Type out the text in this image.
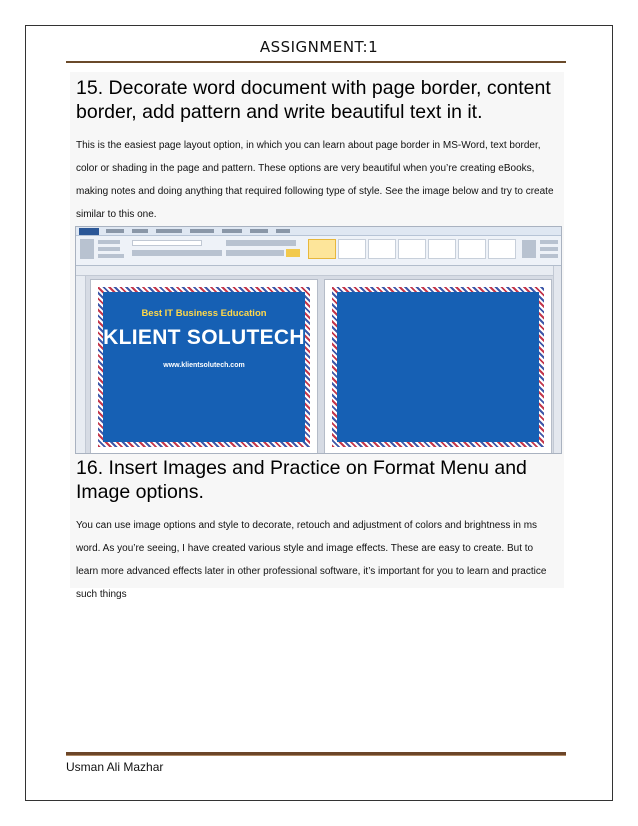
ASSIGNMENT:1
15. Decorate word document with page border, content border, add pattern and write beautiful text in it.
This is the easiest page layout option, in which you can learn about page border in MS-Word, text border, color or shading in the page and pattern. These options are very beautiful when you’re creating eBooks, making notes and doing anything that required following type of style. See the image below and try to create similar to this one.
Best IT Business Education
KLIENT SOLUTECH
www.klientsolutech.com
16. Insert Images and Practice on Format Menu and Image options.
You can use image options and style to decorate, retouch and adjustment of colors and brightness in ms word. As you’re seeing, I have created various style and image effects. These are easy to create. But to learn more advanced effects later in other professional software, it’s important for you to learn and practice such things
Usman Ali Mazhar
